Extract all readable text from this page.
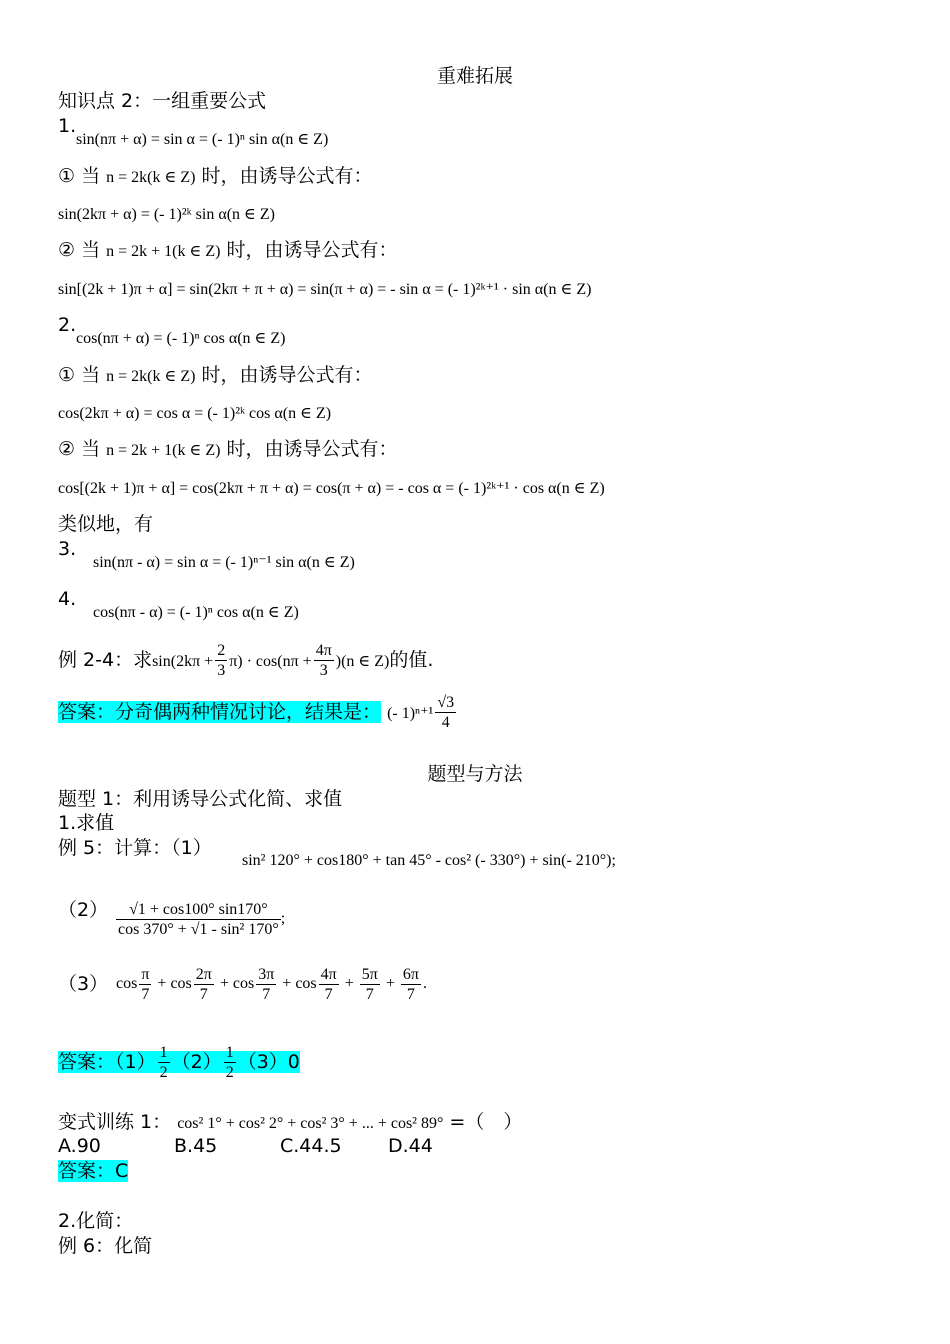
重难拓展
知识点 2：一组重要公式
1.
sin(nπ + α) = sin α = (- 1)ⁿ sin α(n ∈ Z)
① 当 n = 2k(k ∈ Z) 时，由诱导公式有：
sin(2kπ + α) = (- 1)²ᵏ sin α(n ∈ Z)
② 当 n = 2k + 1(k ∈ Z) 时，由诱导公式有：
sin[(2k + 1)π + α] = sin(2kπ + π + α) = sin(π + α) = - sin α = (- 1)²ᵏ⁺¹ · sin α(n ∈ Z)
2.
cos(nπ + α) = (- 1)ⁿ cos α(n ∈ Z)
① 当 n = 2k(k ∈ Z) 时，由诱导公式有：
cos(2kπ + α) = cos α = (- 1)²ᵏ cos α(n ∈ Z)
② 当 n = 2k + 1(k ∈ Z) 时，由诱导公式有：
cos[(2k + 1)π + α] = cos(2kπ + π + α) = cos(π + α) = - cos α = (- 1)²ᵏ⁺¹ · cos α(n ∈ Z)
类似地，有
3.
sin(nπ - α) = sin α = (- 1)ⁿ⁻¹ sin α(n ∈ Z)
4.
cos(nπ - α) = (- 1)ⁿ cos α(n ∈ Z)
例 2-4：求$\sin(2k\pi + \frac{2}{3} \pi) \cdot \cos(n\pi + \frac{4\pi}{3} )(n$ ∈ Z)的值.
答案：分奇偶两种情况讨论，结果是： (- $1)^{n+1} \frac{√3}{4}$
题型与方法
题型 1：利用诱导公式化简、求值
1.求值
例 5：计算：（1）
sin² 120° + cos180° + tan 45° - cos² (- 330°) + sin(- 210°);
$(2) \frac{√1 + \cos 100^\circ \sin 170^\circ}{\text{cos 370° + √1 - sin² 170°}}$ ;
（3） $\cos \frac{\pi}{7} + \cos \frac{2\pi}{7} + \cos \frac{3\pi}{7} + \cos \frac{4\pi}{7} + \frac{5\pi}{7} + \frac{6\pi}{7}$ .
答案：$(1) \frac{1}{2} (2) \frac{1}{2} (3)0$
变式训练 1： cos² 1° + cos² 2° + cos² 3° + ... + cos² 89° =（　）
A.90	B.45	C.44.5 D.44
答案：C
2.化简：
例 6：化简
